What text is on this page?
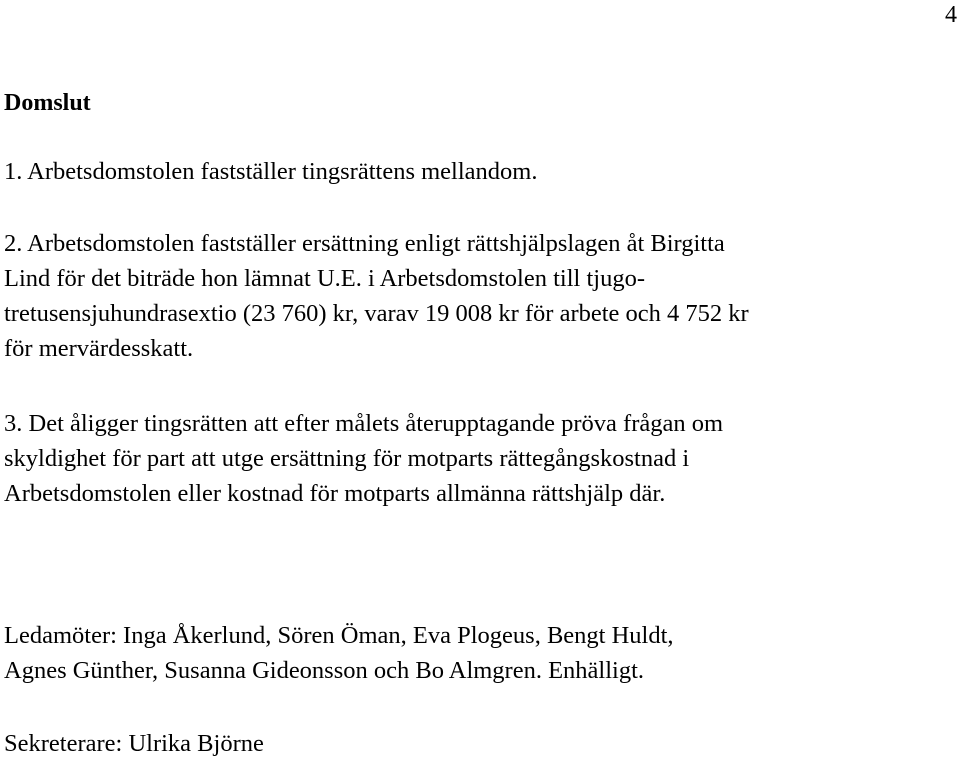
4
Domslut

1. Arbetsdomstolen fastställer tingsrättens mellandom.

2. Arbetsdomstolen fastställer ersättning enligt rättshjälpslagen åt Birgitta
Lind för det biträde hon lämnat U.E. i Arbetsdomstolen till tjugo-
tretusensjuhundrasextio (23 760) kr, varav 19 008 kr för arbete och 4 752 kr
för mervärdesskatt.

3. Det åligger tingsrätten att efter målets återupptagande pröva frågan om
skyldighet för part att utge ersättning för motparts rättegångskostnad i
Arbetsdomstolen eller kostnad för motparts allmänna rättshjälp där.

Ledamöter: Inga Åkerlund, Sören Öman, Eva Plogeus, Bengt Huldt,
Agnes Günther, Susanna Gideonsson och Bo Almgren. Enhälligt.

Sekreterare: Ulrika Björne
